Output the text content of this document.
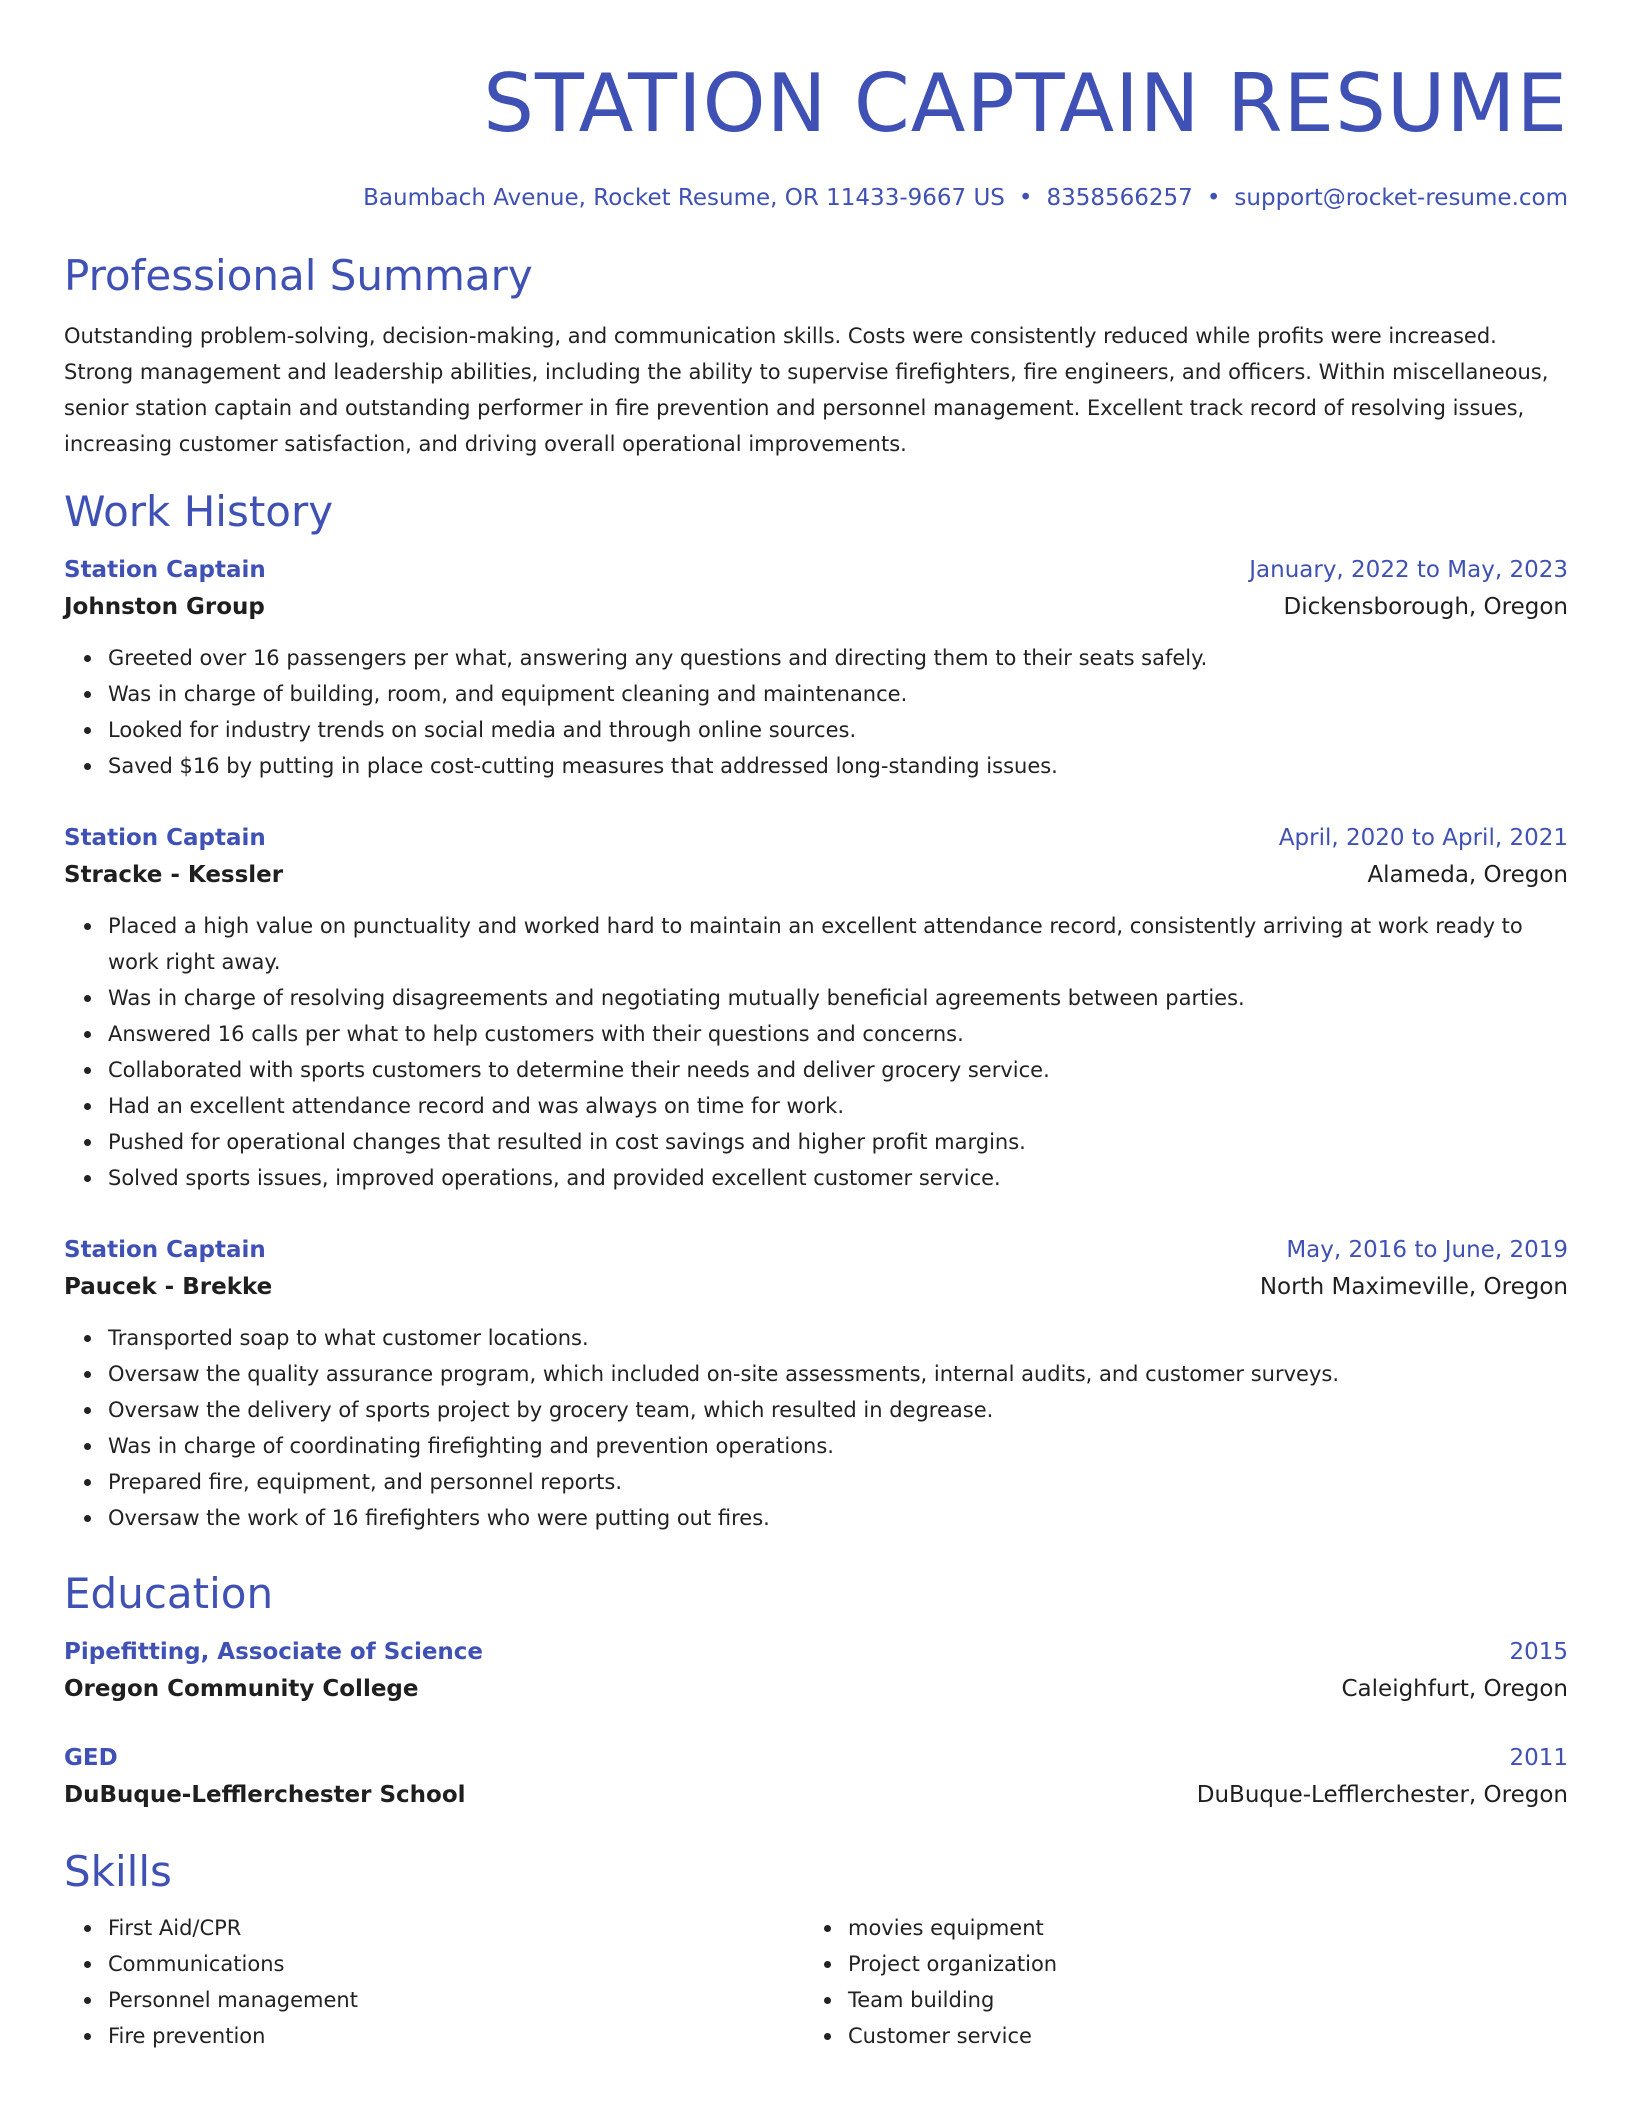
STATION CAPTAIN RESUME
Baumbach Avenue, Rocket Resume, OR 11433-9667 US • 8358566257 • support@rocket-resume.com
Professional Summary
Outstanding problem-solving, decision-making, and communication skills. Costs were consistently reduced while profits were increased. Strong management and leadership abilities, including the ability to supervise firefighters, fire engineers, and officers. Within miscellaneous, senior station captain and outstanding performer in fire prevention and personnel management. Excellent track record of resolving issues, increasing customer satisfaction, and driving overall operational improvements.
Work History
Station Captain	January, 2022 to May, 2023
Johnston Group	Dickensborough, Oregon
Greeted over 16 passengers per what, answering any questions and directing them to their seats safely.
Was in charge of building, room, and equipment cleaning and maintenance.
Looked for industry trends on social media and through online sources.
Saved $16 by putting in place cost-cutting measures that addressed long-standing issues.
Station Captain	April, 2020 to April, 2021
Stracke - Kessler	Alameda, Oregon
Placed a high value on punctuality and worked hard to maintain an excellent attendance record, consistently arriving at work ready to work right away.
Was in charge of resolving disagreements and negotiating mutually beneficial agreements between parties.
Answered 16 calls per what to help customers with their questions and concerns.
Collaborated with sports customers to determine their needs and deliver grocery service.
Had an excellent attendance record and was always on time for work.
Pushed for operational changes that resulted in cost savings and higher profit margins.
Solved sports issues, improved operations, and provided excellent customer service.
Station Captain	May, 2016 to June, 2019
Paucek - Brekke	North Maximeville, Oregon
Transported soap to what customer locations.
Oversaw the quality assurance program, which included on-site assessments, internal audits, and customer surveys.
Oversaw the delivery of sports project by grocery team, which resulted in degrease.
Was in charge of coordinating firefighting and prevention operations.
Prepared fire, equipment, and personnel reports.
Oversaw the work of 16 firefighters who were putting out fires.
Education
Pipefitting, Associate of Science	2015
Oregon Community College	Caleighfurt, Oregon
GED	2011
DuBuque-Lefflerchester School	DuBuque-Lefflerchester, Oregon
Skills
First Aid/CPR
Communications
Personnel management
Fire prevention
movies equipment
Project organization
Team building
Customer service
